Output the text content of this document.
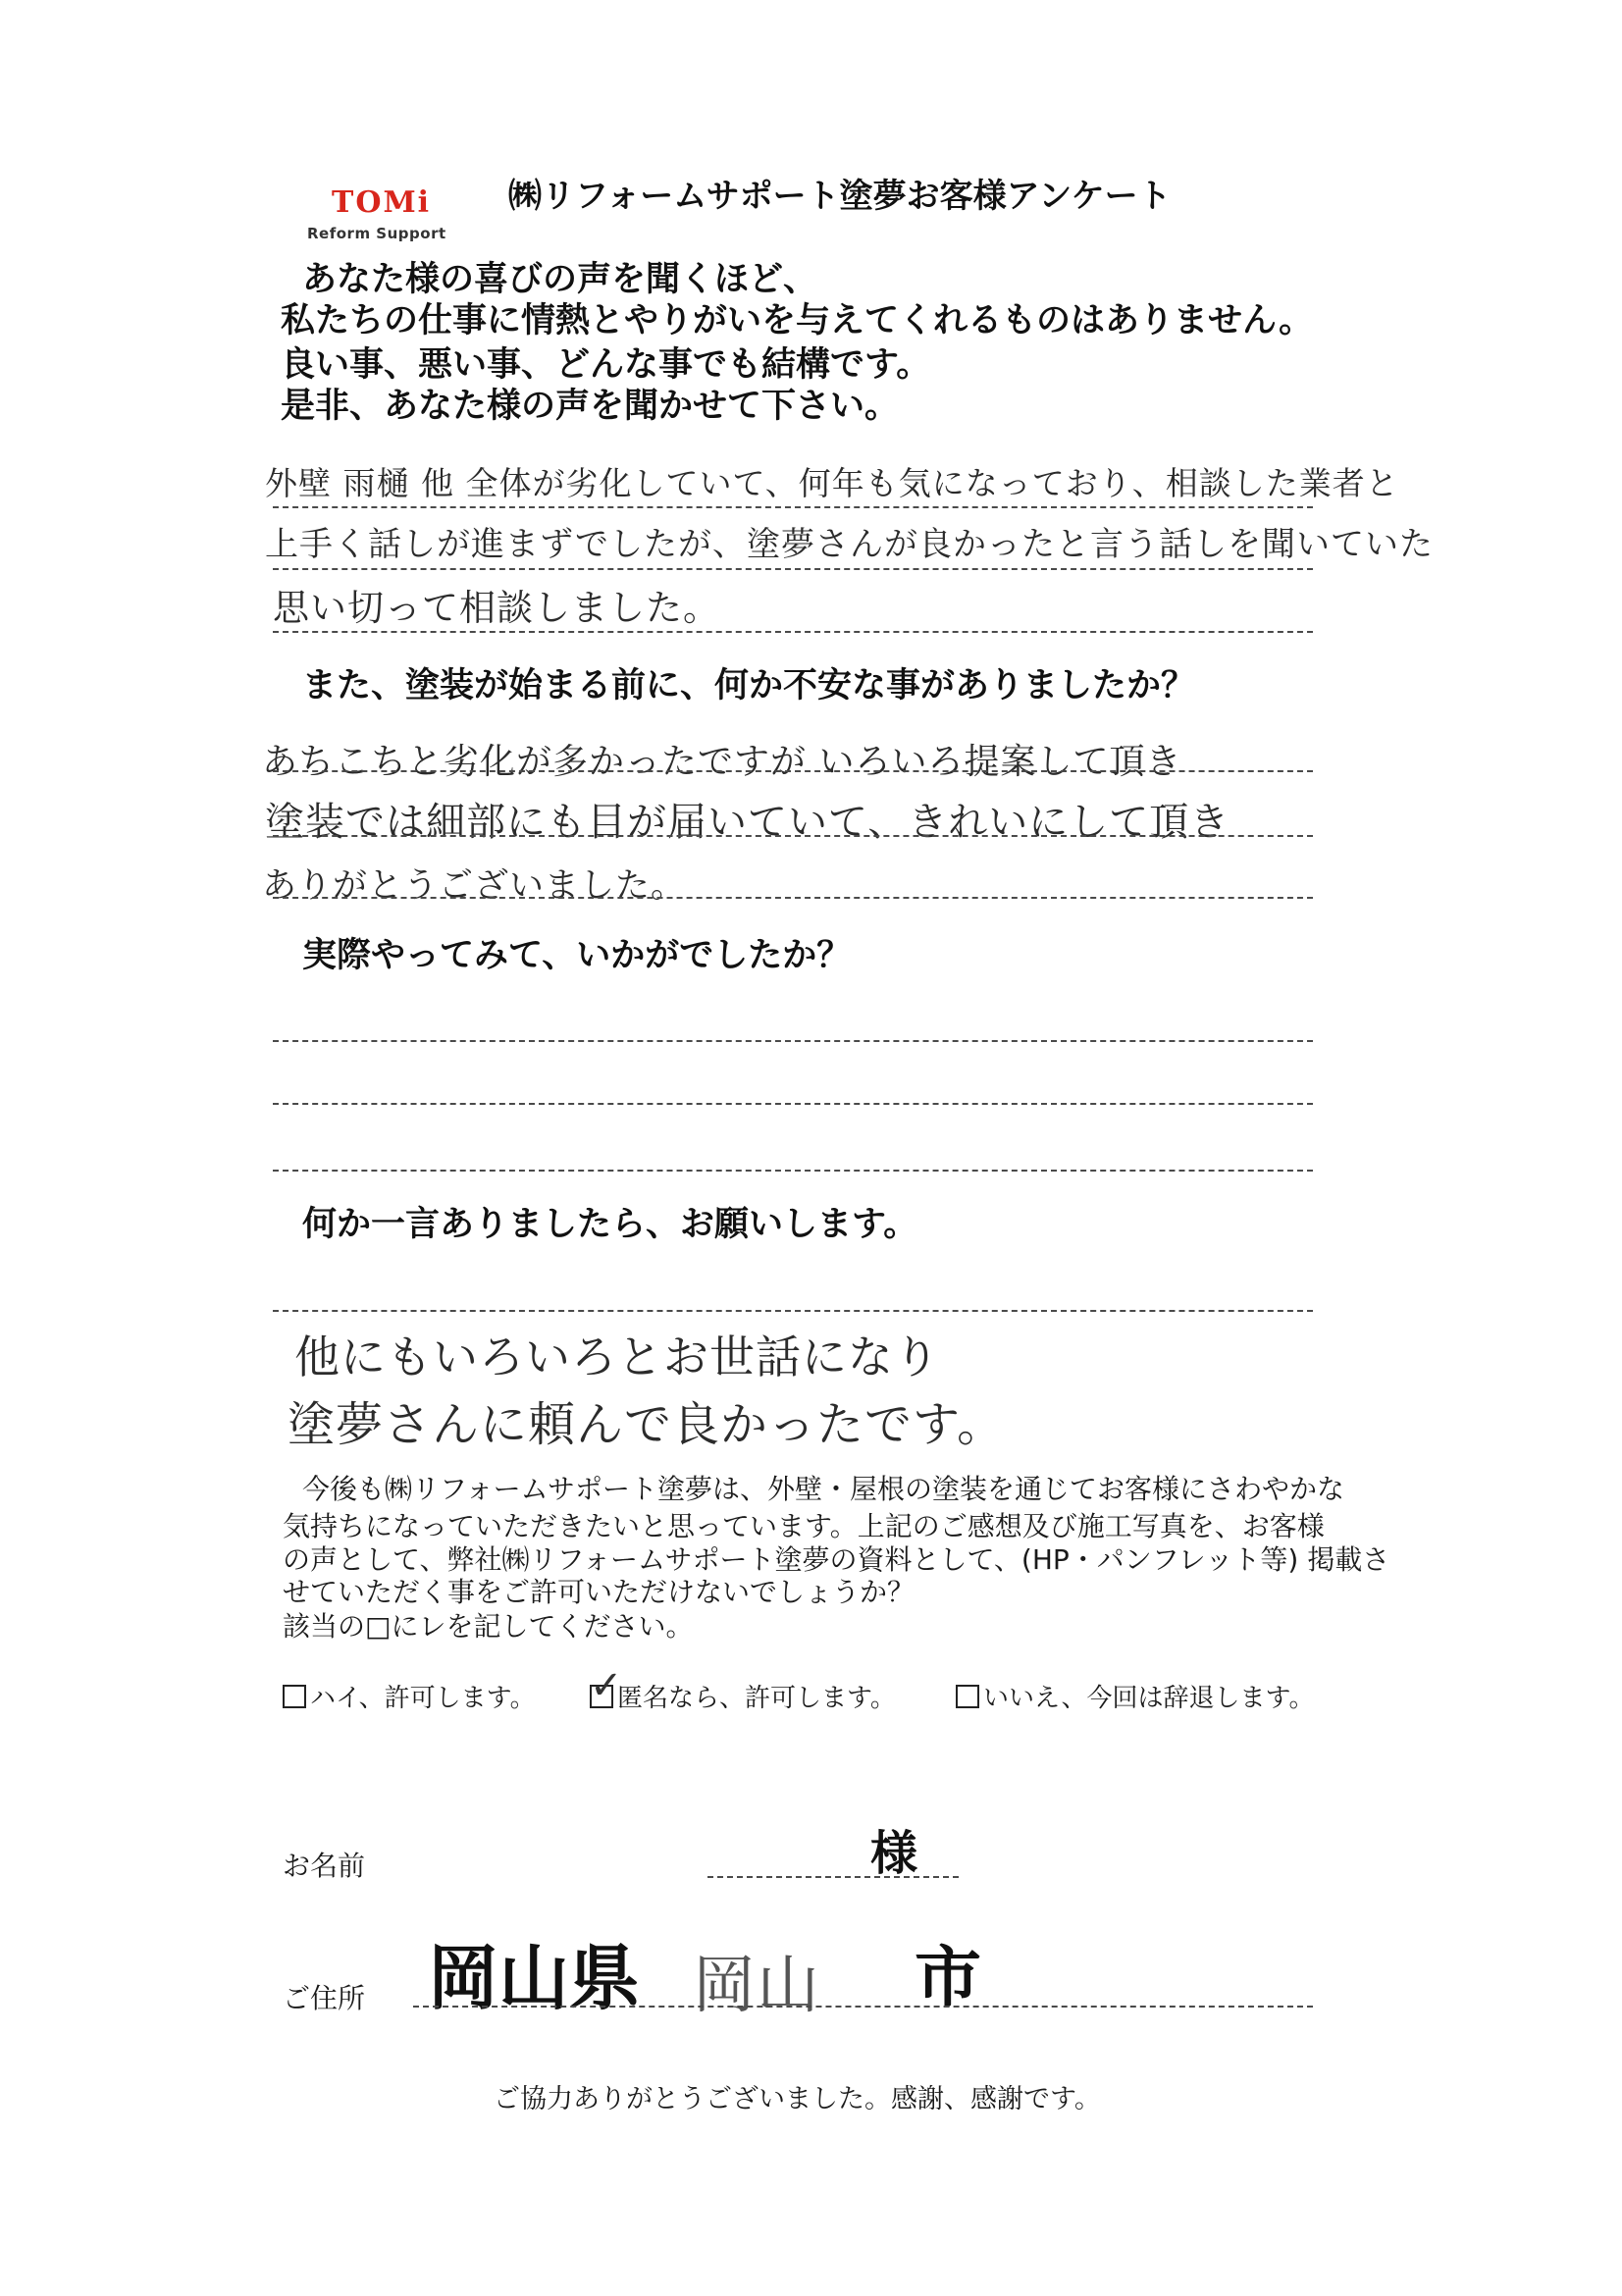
TOMi
Reform Support
㈱リフォームサポート塗夢お客様アンケート
あなた様の喜びの声を聞くほど、
私たちの仕事に情熱とやりがいを与えてくれるものはありません。
良い事、悪い事、どんな事でも結構です。
是非、あなた様の声を聞かせて下さい。
外壁 雨樋 他 全体が劣化していて、何年も気になっており、相談した業者と
上手く話しが進まずでしたが、塗夢さんが良かったと言う話しを聞いていた
思い切って相談しました。
また、塗装が始まる前に、何か不安な事がありましたか？
あちこちと劣化が多かったですが いろいろ提案して頂き
塗装では細部にも目が届いていて、きれいにして頂き
ありがとうございました。
実際やってみて、いかがでしたか？
何か一言ありましたら、お願いします。
他にもいろいろとお世話になり
塗夢さんに頼んで良かったです。
今後も㈱リフォームサポート塗夢は、外壁・屋根の塗装を通じてお客様にさわやかな
気持ちになっていただきたいと思っています。上記のご感想及び施工写真を、お客様
の声として、弊社㈱リフォームサポート塗夢の資料として、(HP・パンフレット等) 掲載さ
せていただく事をご許可いただけないでしょうか？
該当の□にレを記してください。
ハイ、許可します。 ✓
匿名なら、許可します。	いいえ、今回は辞退します。
お名前	様
ご住所 岡山県 岡山 市
ご協力ありがとうございました。感謝、感謝です。
